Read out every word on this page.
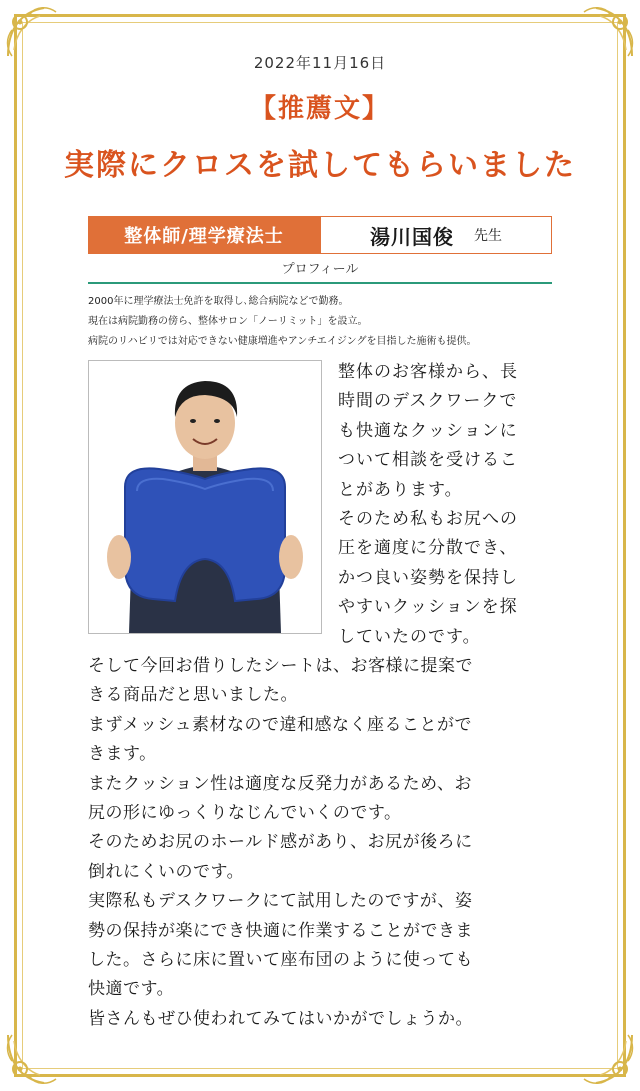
2022年11月16日
【推薦文】
実際にクロスを試してもらいました
整体師/理学療法士	湯川国俊 先生
プロフィール
2000年に理学療法士免許を取得し､総合病院などで勤務。
現在は病院勤務の傍ら、整体サロン「ノーリミット」を設立。
病院のリハビリでは対応できない健康増進やアンチエイジングを目指した施術も提供。
整体のお客様から、長
時間のデスクワークで
も快適なクッションに
ついて相談を受けるこ
とがあります。
そのため私もお尻への
圧を適度に分散でき、
かつ良い姿勢を保持し
やすいクッションを探
していたのです。
そして今回お借りしたシートは、お客様に提案で
きる商品だと思いました。
まずメッシュ素材なので違和感なく座ることがで
きます。
またクッション性は適度な反発力があるため、お
尻の形にゆっくりなじんでいくのです。
そのためお尻のホールド感があり、お尻が後ろに
倒れにくいのです。
実際私もデスクワークにて試用したのですが、姿
勢の保持が楽にでき快適に作業することができま
した。さらに床に置いて座布団のように使っても
快適です。
皆さんもぜひ使われてみてはいかがでしょうか。
